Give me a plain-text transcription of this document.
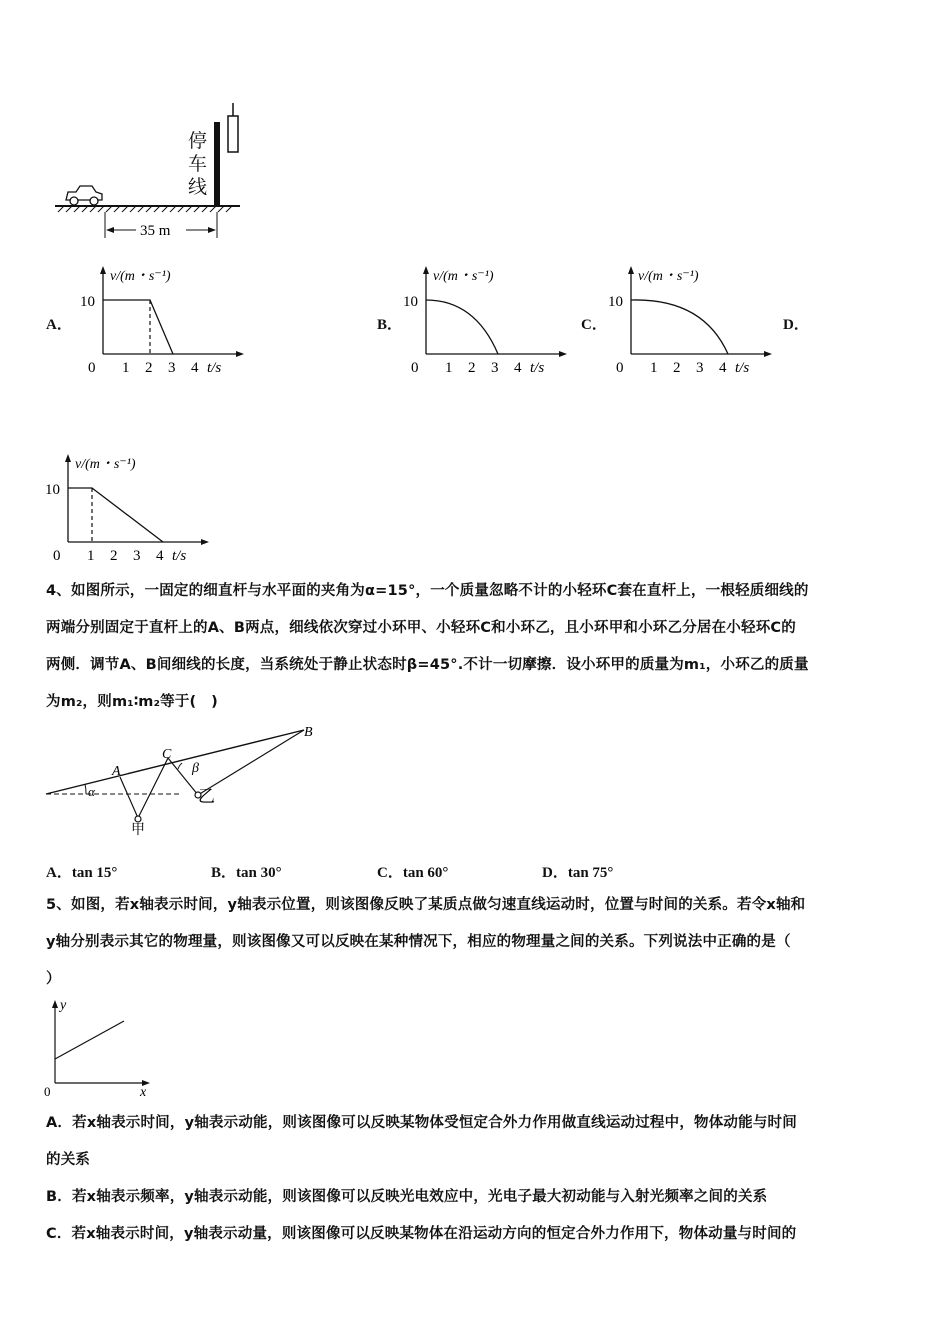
35 m
停车线
A．	B．	C．	D．
v/(m・s⁻¹)
10
0 1 2 3 4 t/s
v/(m・s⁻¹)
10
0 1 2 3 4 t/s
v/(m・s⁻¹)
10
0 1 2 3 4 t/s
v/(m・s⁻¹)
10
0 1 2 3 4 t/s
4、如图所示，一固定的细直杆与水平面的夹角为α=15°，一个质量忽略不计的小轻环C套在直杆上，一根轻质细线的
两端分别固定于直杆上的A、B两点，细线依次穿过小环甲、小轻环C和小环乙，且小环甲和小环乙分居在小轻环C的
两侧．调节A、B间细线的长度，当系统处于静止状态时β=45°.不计一切摩擦．设小环甲的质量为m₁，小环乙的质量
为m₂，则m₁∶m₂等于(　)
α
A
C
B
β
甲
乙
A．tan 15°	B．tan 30°	C．tan 60°	D．tan 75°
5、如图，若x轴表示时间，y轴表示位置，则该图像反映了某质点做匀速直线运动时，位置与时间的关系。若令x轴和
y轴分别表示其它的物理量，则该图像又可以反映在某种情况下，相应的物理量之间的关系。下列说法中正确的是（
）
y
x
0
A．若x轴表示时间，y轴表示动能，则该图像可以反映某物体受恒定合外力作用做直线运动过程中，物体动能与时间
的关系
B．若x轴表示频率，y轴表示动能，则该图像可以反映光电效应中，光电子最大初动能与入射光频率之间的关系
C．若x轴表示时间，y轴表示动量，则该图像可以反映某物体在沿运动方向的恒定合外力作用下，物体动量与时间的
